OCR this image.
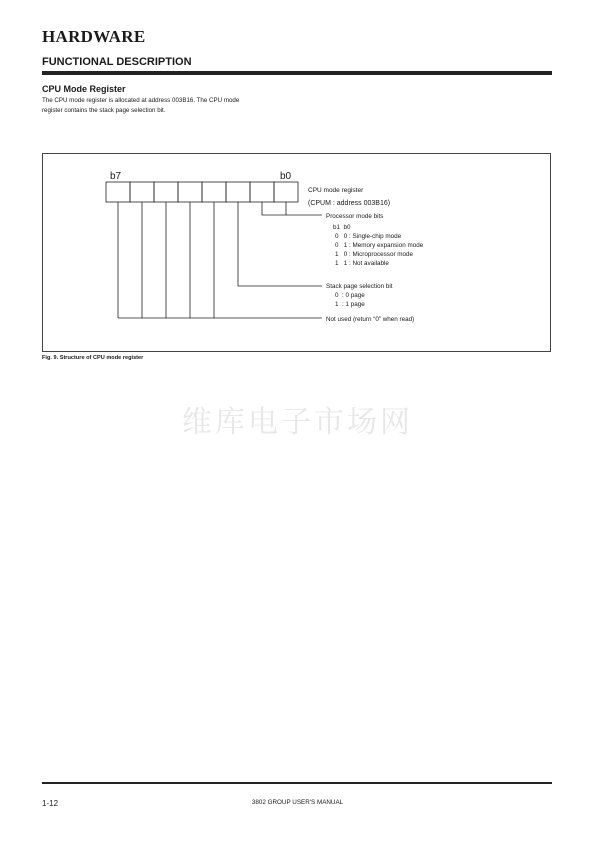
HARDWARE
FUNCTIONAL DESCRIPTION
CPU Mode Register
The CPU mode register is allocated at address 003B16. The CPU mode
register contains the stack page selection bit.
b7	b0
CPU mode register
(CPUM : address 003B16)
Processor mode bits
b1  b0
0   0 : Single-chip mode
0   1 : Memory expansion mode
1   0 : Microprocessor mode
1   1 : Not available
Stack page selection bit
0  : 0 page
1  : 1 page
Not used (return “0” when read)
Fig. 9. Structure of CPU mode register
维库电子市场网
1-12	3802 GROUP USER'S MANUAL
